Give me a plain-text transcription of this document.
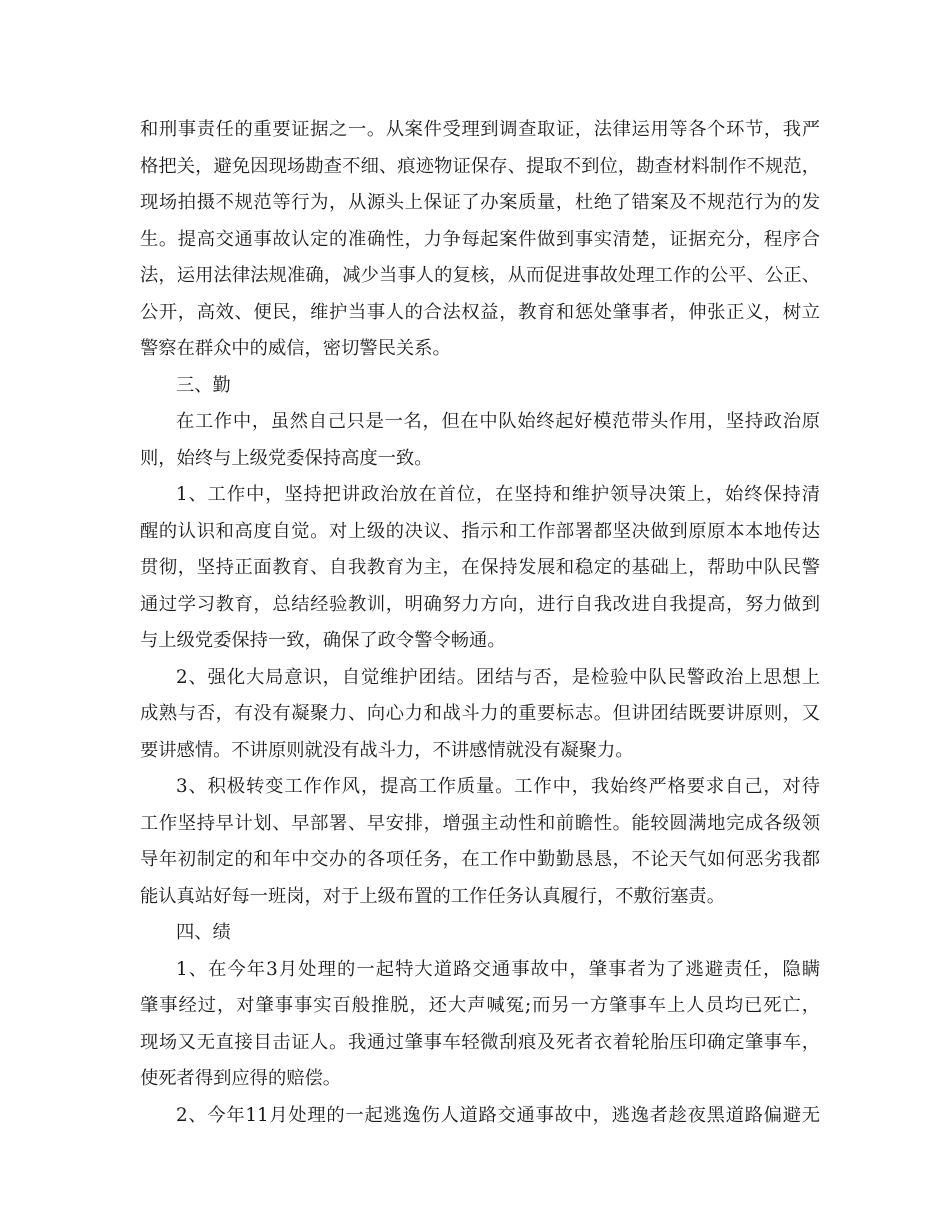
和刑事责任的重要证据之一。从案件受理到调查取证，法律运用等各个环节，我严
格把关，避免因现场勘查不细、痕迹物证保存、提取不到位，勘查材料制作不规范，
现场拍摄不规范等行为，从源头上保证了办案质量，杜绝了错案及不规范行为的发
生。提高交通事故认定的准确性，力争每起案件做到事实清楚，证据充分，程序合
法，运用法律法规准确，减少当事人的复核，从而促进事故处理工作的公平、公正、
公开，高效、便民，维护当事人的合法权益，教育和惩处肇事者，伸张正义，树立
警察在群众中的威信，密切警民关系。
三、勤
在工作中，虽然自己只是一名，但在中队始终起好模范带头作用，坚持政治原
则，始终与上级党委保持高度一致。
1、工作中，坚持把讲政治放在首位，在坚持和维护领导决策上，始终保持清
醒的认识和高度自觉。对上级的决议、指示和工作部署都坚决做到原原本本地传达
贯彻，坚持正面教育、自我教育为主，在保持发展和稳定的基础上，帮助中队民警
通过学习教育，总结经验教训，明确努力方向，进行自我改进自我提高，努力做到
与上级党委保持一致，确保了政令警令畅通。
2、强化大局意识，自觉维护团结。团结与否，是检验中队民警政治上思想上
成熟与否，有没有凝聚力、向心力和战斗力的重要标志。但讲团结既要讲原则，又
要讲感情。不讲原则就没有战斗力，不讲感情就没有凝聚力。
3、积极转变工作作风，提高工作质量。工作中，我始终严格要求自己，对待
工作坚持早计划、早部署、早安排，增强主动性和前瞻性。能较圆满地完成各级领
导年初制定的和年中交办的各项任务，在工作中勤勤恳恳，不论天气如何恶劣我都
能认真站好每一班岗，对于上级布置的工作任务认真履行，不敷衍塞责。
四、绩
1、在今年3月处理的一起特大道路交通事故中，肇事者为了逃避责任，隐瞒
肇事经过，对肇事事实百般推脱，还大声喊冤;而另一方肇事车上人员均已死亡，
现场又无直接目击证人。我通过肇事车轻微刮痕及死者衣着轮胎压印确定肇事车，
使死者得到应得的赔偿。
2、今年11月处理的一起逃逸伤人道路交通事故中，逃逸者趁夜黑道路偏避无
